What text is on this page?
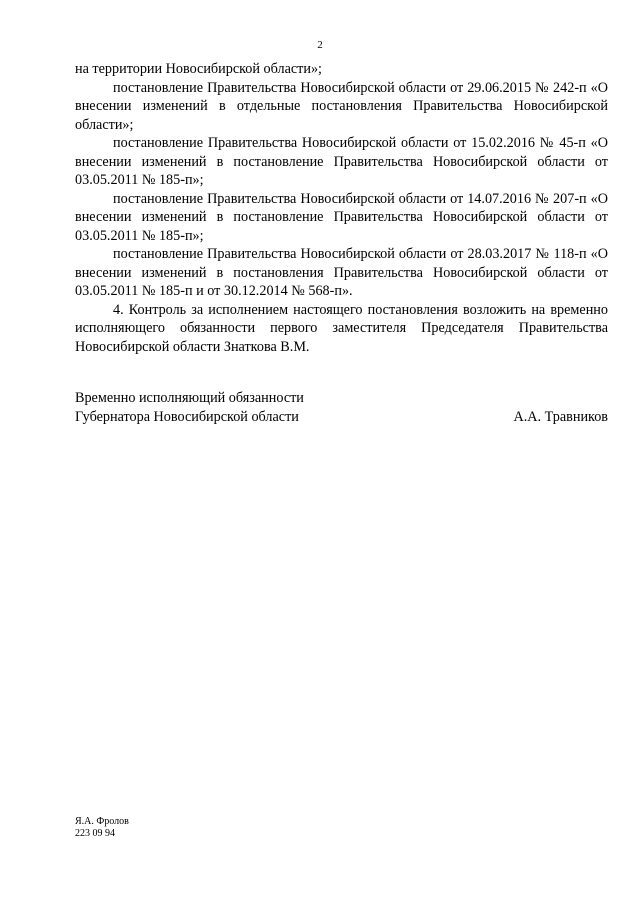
2

на территории Новосибирской области»;

постановление Правительства Новосибирской области от 29.06.2015 № 242-п «О внесении изменений в отдельные постановления Правительства Новосибирской области»;

постановление Правительства Новосибирской области от 15.02.2016 № 45-п «О внесении изменений в постановление Правительства Новосибирской области от 03.05.2011 № 185-п»;

постановление Правительства Новосибирской области от 14.07.2016 № 207-п «О внесении изменений в постановление Правительства Новосибирской области от 03.05.2011 № 185-п»;

постановление Правительства Новосибирской области от 28.03.2017 № 118-п «О внесении изменений в постановления Правительства Новосибирской области от 03.05.2011 № 185-п и от 30.12.2014 № 568-п».

4. Контроль за исполнением настоящего постановления возложить на временно исполняющего обязанности первого заместителя Председателя Правительства Новосибирской области Знаткова В.М.

Временно исполняющий обязанности
Губернатора Новосибирской области	А.А. Травников
Я.А. Фролов
223 09 94
